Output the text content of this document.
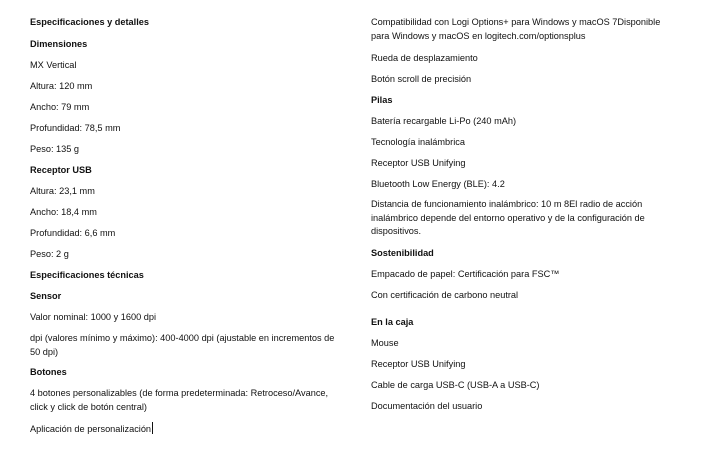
Especificaciones y detalles
Dimensiones
MX Vertical
Altura: 120 mm
Ancho: 79 mm
Profundidad: 78,5 mm
Peso: 135 g
Receptor USB
Altura: 23,1 mm
Ancho: 18,4 mm
Profundidad: 6,6 mm
Peso: 2 g
Especificaciones técnicas
Sensor
Valor nominal: 1000 y 1600 dpi
dpi (valores mínimo y máximo): 400-4000 dpi (ajustable en incrementos de 50 dpi)
Botones
4 botones personalizables (de forma predeterminada: Retroceso/Avance, click y click de botón central)
Aplicación de personalización
Compatibilidad con Logi Options+ para Windows y macOS 7Disponible para Windows y macOS en logitech.com/optionsplus
Rueda de desplazamiento
Botón scroll de precisión
Pilas
Batería recargable Li-Po (240 mAh)
Tecnología inalámbrica
Receptor USB Unifying
Bluetooth Low Energy (BLE): 4.2
Distancia de funcionamiento inalámbrico: 10 m 8El radio de acción inalámbrico depende del entorno operativo y de la configuración de dispositivos.
Sostenibilidad
Empacado de papel: Certificación para FSC™
Con certificación de carbono neutral
En la caja
Mouse
Receptor USB Unifying
Cable de carga USB-C (USB-A a USB-C)
Documentación del usuario
